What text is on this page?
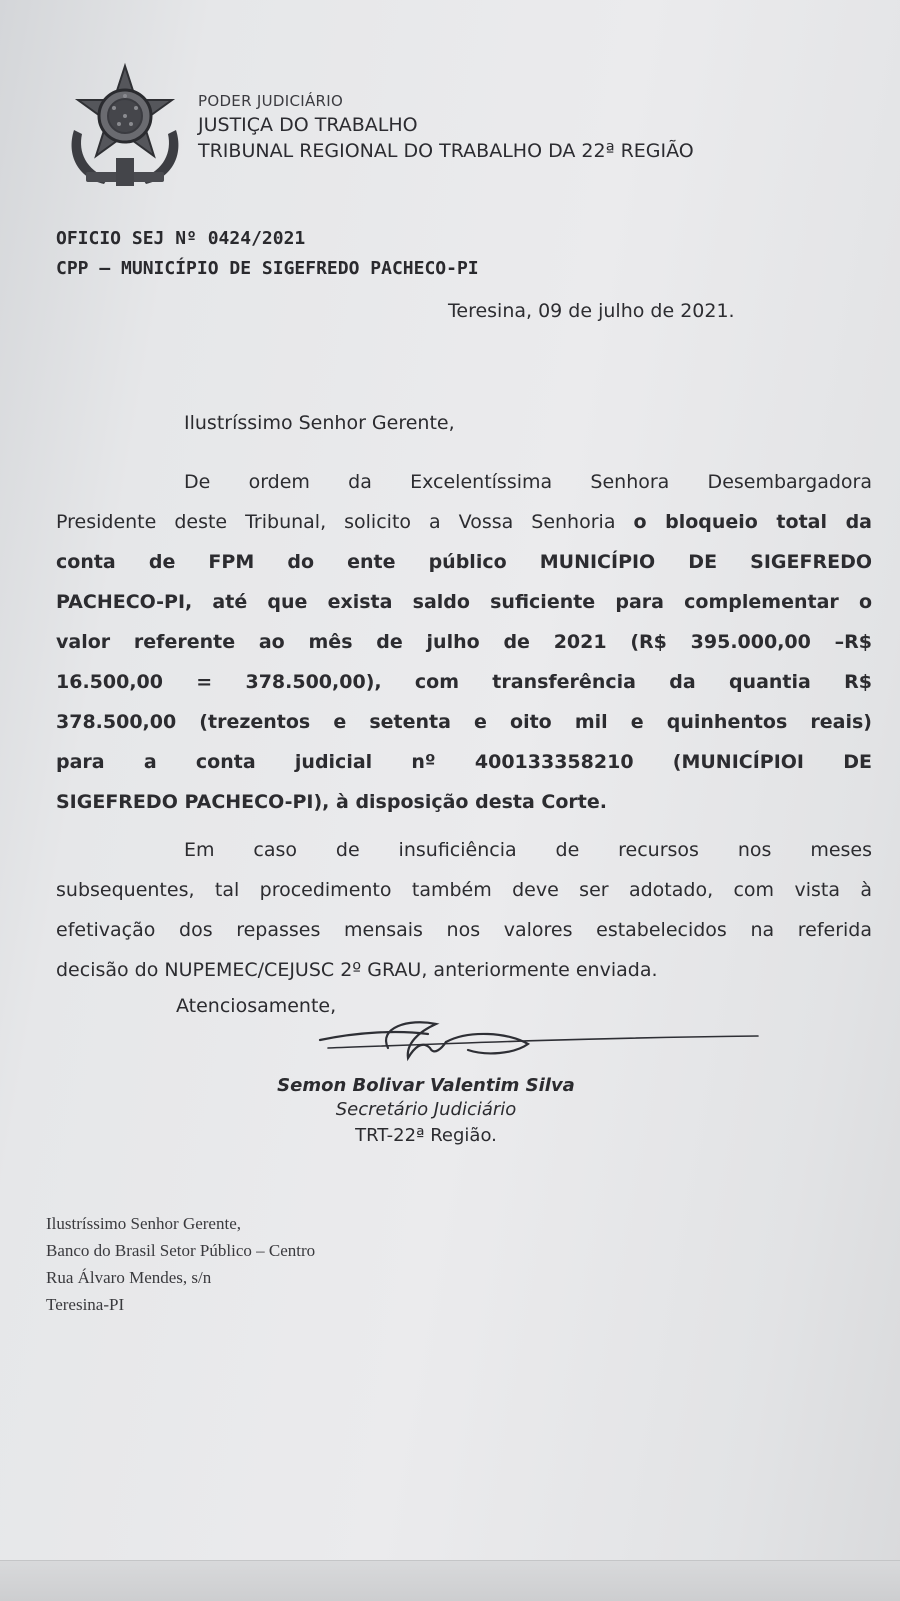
PODER JUDICIÁRIO
JUSTIÇA DO TRABALHO
TRIBUNAL REGIONAL DO TRABALHO DA 22ª REGIÃO
OFICIO SEJ Nº 0424/2021
CPP – MUNICÍPIO DE SIGEFREDO PACHECO-PI
Teresina, 09 de julho de 2021.
Ilustríssimo Senhor Gerente,
De ordem da Excelentíssima Senhora Desembargadora
Presidente deste Tribunal, solicito a Vossa Senhoria o bloqueio total da
conta de FPM do ente público MUNICÍPIO DE SIGEFREDO
PACHECO-PI, até que exista saldo suficiente para complementar o
valor referente ao mês de julho de 2021 (R$ 395.000,00 –R$
16.500,00 = 378.500,00), com transferência da quantia R$
378.500,00 (trezentos e setenta e oito mil e quinhentos reais)
para a conta judicial nº 400133358210 (MUNICÍPIOI DE
SIGEFREDO PACHECO-PI), à disposição desta Corte.
Em caso de insuficiência de recursos nos meses
subsequentes, tal procedimento também deve ser adotado, com vista à
efetivação dos repasses mensais nos valores estabelecidos na referida
decisão do NUPEMEC/CEJUSC 2º GRAU, anteriormente enviada.
Atenciosamente,
Semon Bolivar Valentim Silva
Secretário Judiciário
TRT-22ª Região.
Ilustríssimo Senhor Gerente,
Banco do Brasil Setor Público – Centro
Rua Álvaro Mendes, s/n
Teresina-PI
